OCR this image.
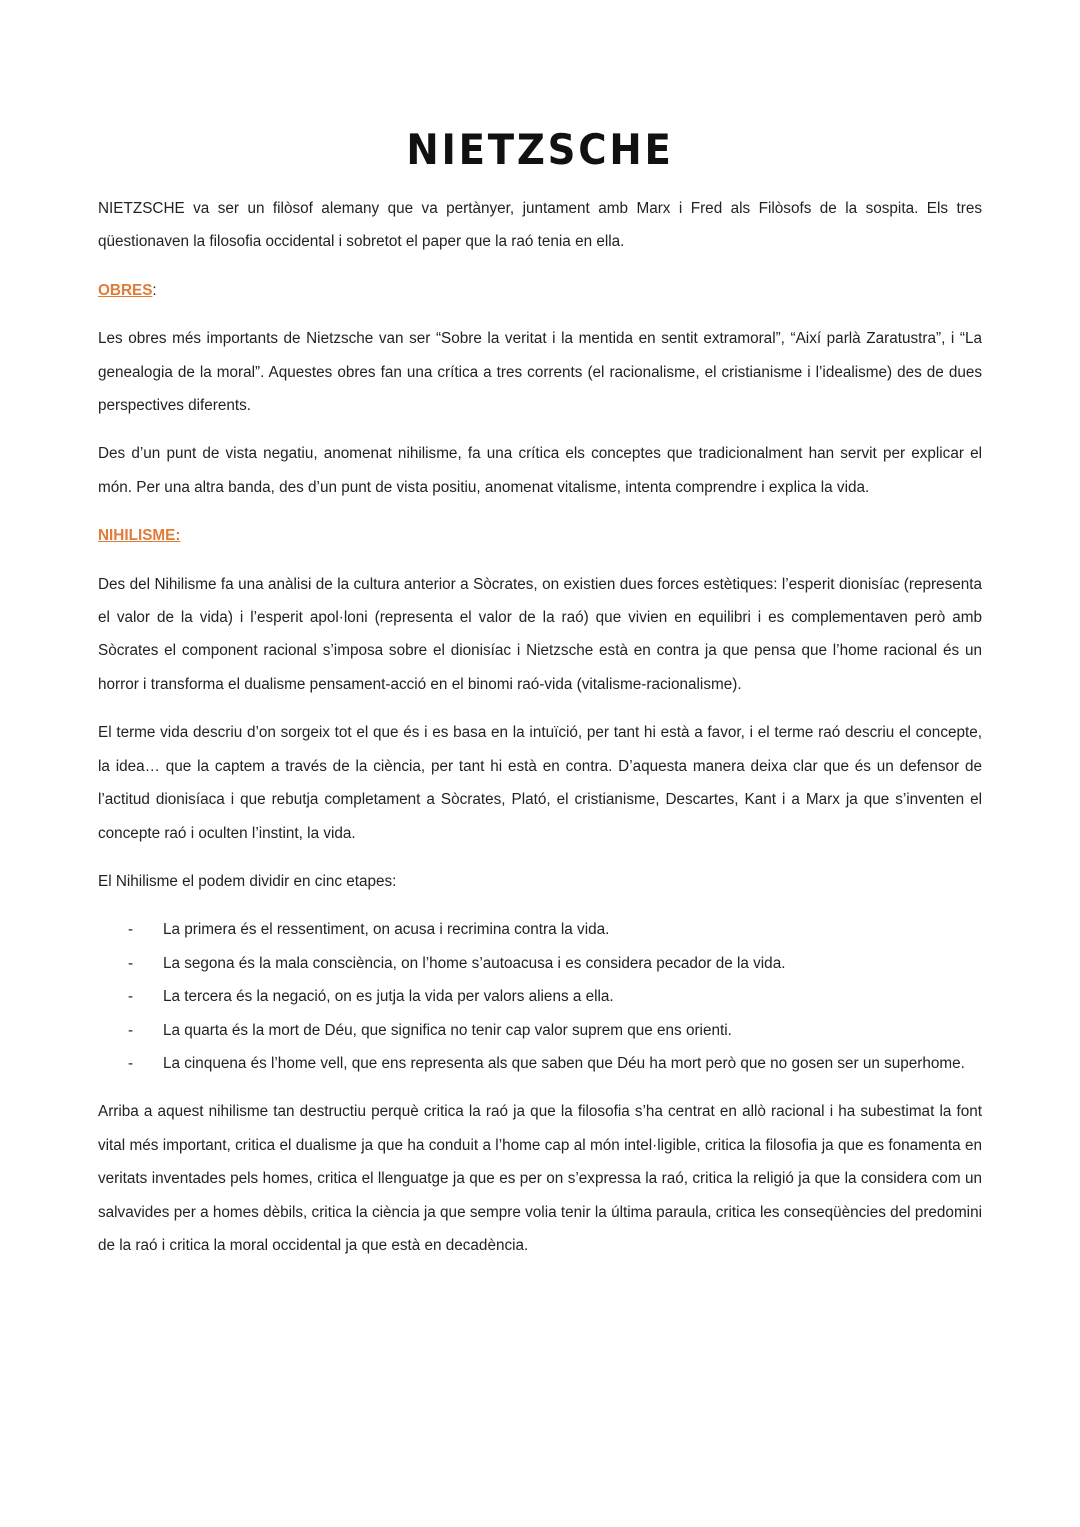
NIETZSCHE

NIETZSCHE va ser un filòsof alemany que va pertànyer, juntament amb Marx i Fred als Filòsofs de la sospita. Els tres qüestionaven la filosofia occidental i sobretot el paper que la raó tenia en ella.

OBRES:

Les obres més importants de Nietzsche van ser “Sobre la veritat i la mentida en sentit extramoral”, “Així parlà Zaratustra”, i “La genealogia de la moral”. Aquestes obres fan una crítica a tres corrents (el racionalisme, el cristianisme i l’idealisme) des de dues perspectives diferents.

Des d’un punt de vista negatiu, anomenat nihilisme, fa una crítica els conceptes que tradicionalment han servit per explicar el món. Per una altra banda, des d’un punt de vista positiu, anomenat vitalisme, intenta comprendre i explica la vida.

NIHILISME:

Des del Nihilisme fa una anàlisi de la cultura anterior a Sòcrates, on existien dues forces estètiques: l’esperit dionisíac (representa el valor de la vida) i l’esperit apol·loni (representa el valor de la raó) que vivien en equilibri i es complementaven però amb Sòcrates el component racional s’imposa sobre el dionisíac i Nietzsche està en contra ja que pensa que l’home racional és un horror i transforma el dualisme pensament-acció en el binomi raó-vida (vitalisme-racionalisme).

El terme vida descriu d’on sorgeix tot el que és i es basa en la intuïció, per tant hi està a favor, i el terme raó descriu el concepte, la idea… que la captem a través de la ciència, per tant hi està en contra. D’aquesta manera deixa clar que és un defensor de l’actitud dionisíaca i que rebutja completament a Sòcrates, Plató, el cristianisme, Descartes, Kant i a Marx ja que s’inventen el concepte raó i oculten l’instint, la vida.

El Nihilisme el podem dividir en cinc etapes:

- La primera és el ressentiment, on acusa i recrimina contra la vida.
- La segona és la mala consciència, on l’home s’autoacusa i es considera pecador de la vida.
- La tercera és la negació, on es jutja la vida per valors aliens a ella.
- La quarta és la mort de Déu, que significa no tenir cap valor suprem que ens orienti.
- La cinquena és l’home vell, que ens representa als que saben que Déu ha mort però que no gosen ser un superhome.

Arriba a aquest nihilisme tan destructiu perquè critica la raó ja que la filosofia s’ha centrat en allò racional i ha subestimat la font vital més important, critica el dualisme ja que ha conduit a l’home cap al món intel·ligible, critica la filosofia ja que es fonamenta en veritats inventades pels homes, critica el llenguatge ja que es per on s’expressa la raó, critica la religió ja que la considera com un salvavides per a homes dèbils, critica la ciència ja que sempre volia tenir la última paraula, critica les conseqüències del predomini de la raó i critica la moral occidental ja que està en decadència.
